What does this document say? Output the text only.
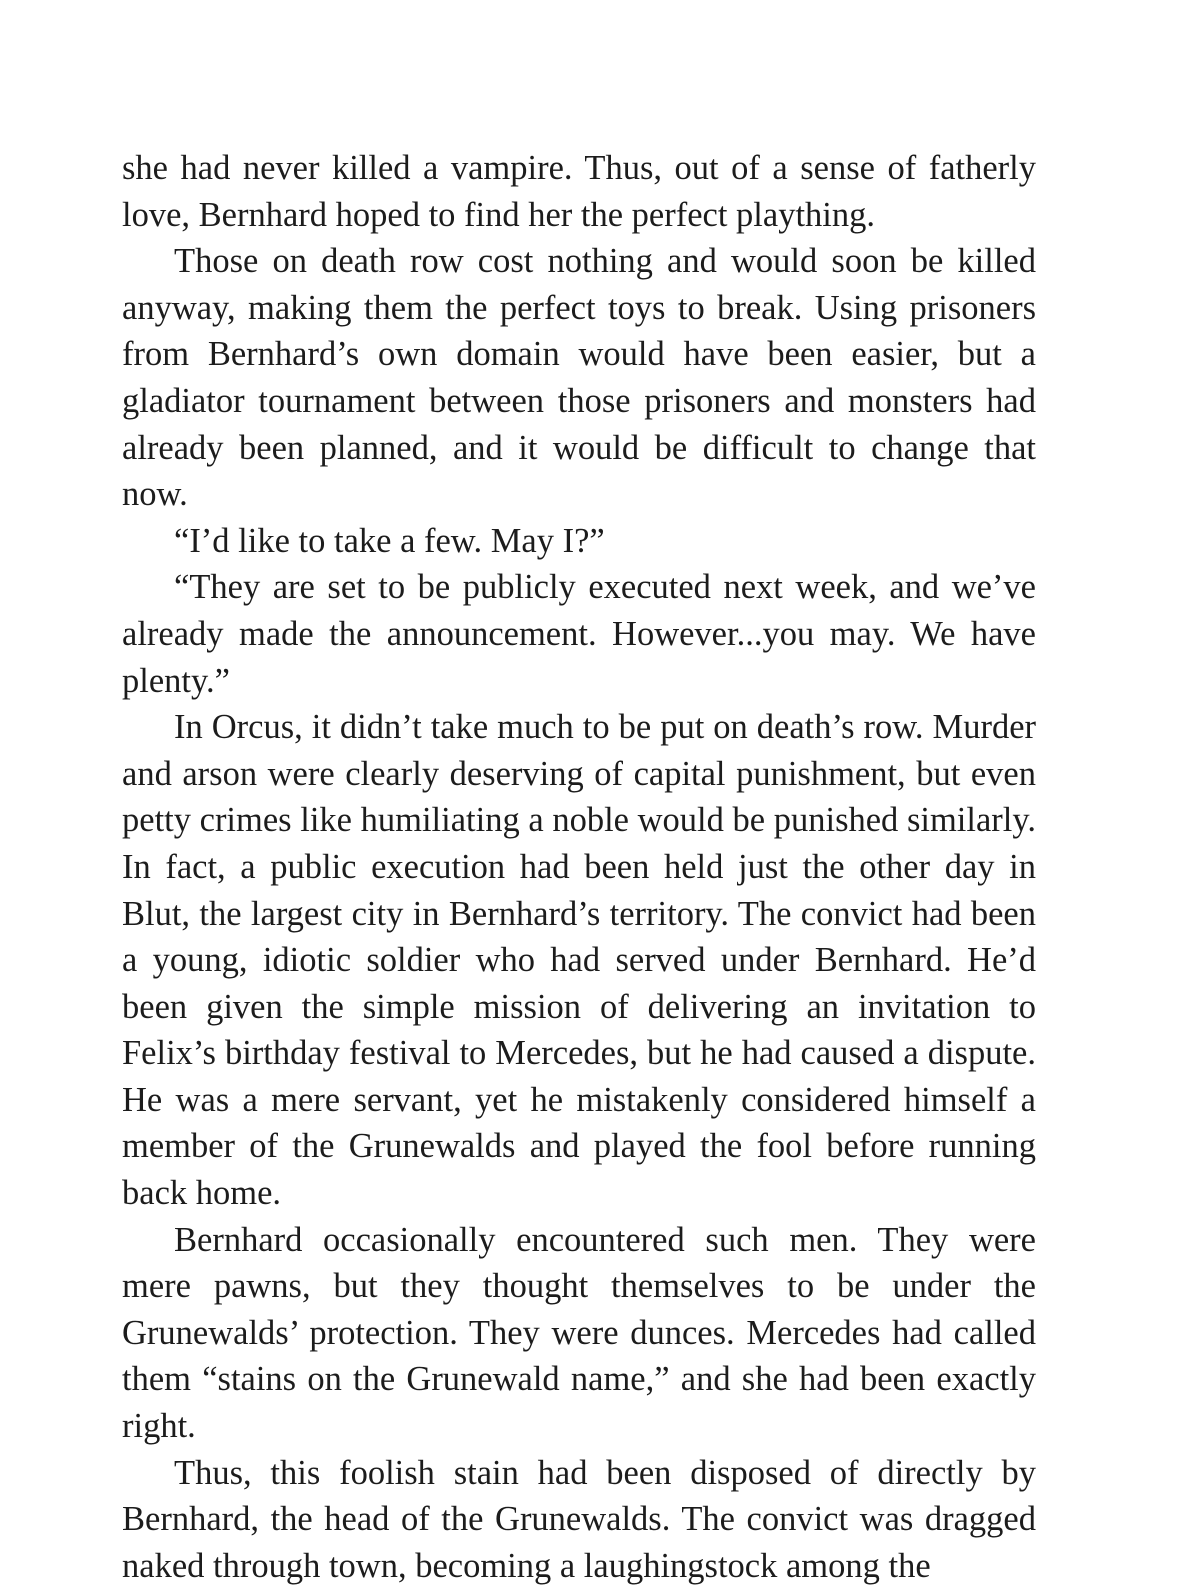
she had never killed a vampire. Thus, out of a sense of fatherly love, Bernhard hoped to find her the perfect plaything.

Those on death row cost nothing and would soon be killed anyway, making them the perfect toys to break. Using prisoners from Bernhard’s own domain would have been easier, but a gladiator tournament between those prisoners and monsters had already been planned, and it would be difficult to change that now.

“I’d like to take a few. May I?”

“They are set to be publicly executed next week, and we’ve already made the announcement. However...you may. We have plenty.”

In Orcus, it didn’t take much to be put on death’s row. Murder and arson were clearly deserving of capital punishment, but even petty crimes like humiliating a noble would be punished similarly. In fact, a public execution had been held just the other day in Blut, the largest city in Bernhard’s territory. The convict had been a young, idiotic soldier who had served under Bernhard. He’d been given the simple mission of delivering an invitation to Felix’s birthday festival to Mercedes, but he had caused a dispute. He was a mere servant, yet he mistakenly considered himself a member of the Grunewalds and played the fool before running back home.

Bernhard occasionally encountered such men. They were mere pawns, but they thought themselves to be under the Grunewalds’ protection. They were dunces. Mercedes had called them “stains on the Grunewald name,” and she had been exactly right.

Thus, this foolish stain had been disposed of directly by Bernhard, the head of the Grunewalds. The convict was dragged naked through town, becoming a laughingstock among the
